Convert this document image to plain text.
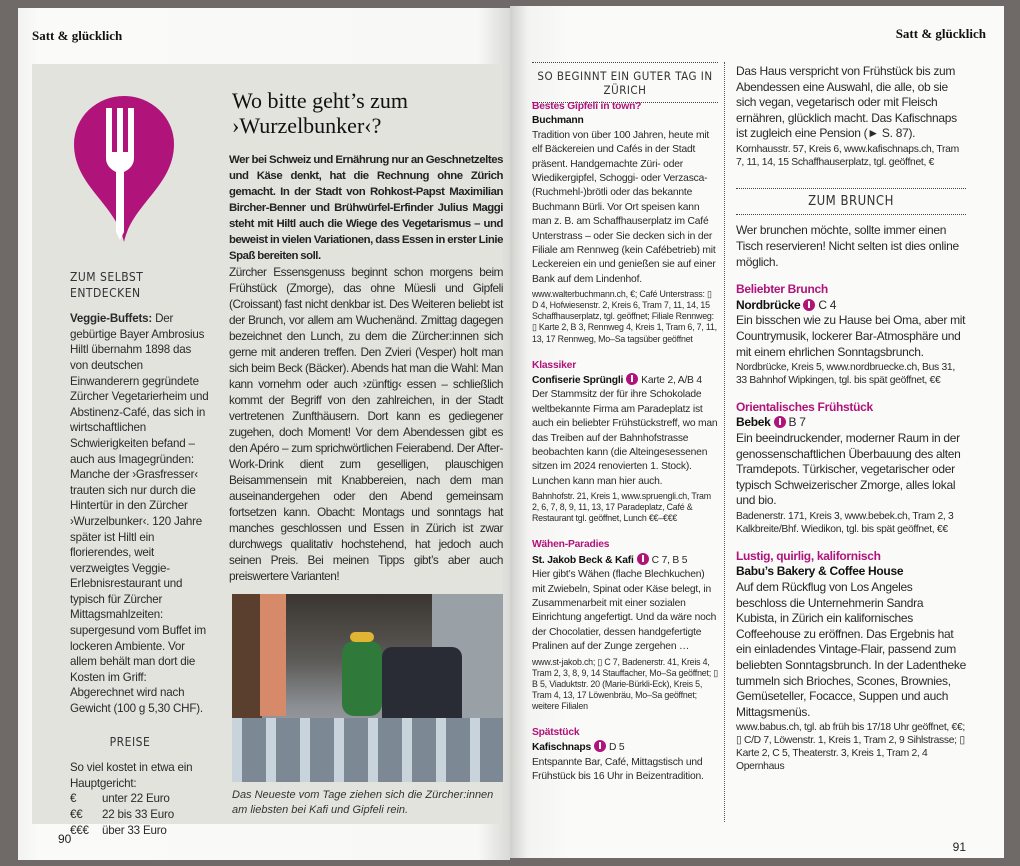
Satt & glücklich
Wo bitte geht’s zum
›Wurzelbunker‹?
Wer bei Schweiz und Ernährung nur an Geschnetzeltes und Käse denkt, hat die Rechnung ohne Zürich gemacht. In der Stadt von Rohkost-Papst Maximilian Bircher-Benner und Brühwürfel-Erfinder Julius Maggi steht mit Hiltl auch die Wiege des Vegetarismus – und beweist in vielen Variationen, dass Essen in erster Linie Spaß bereiten soll.
Zürcher Essensgenuss beginnt schon morgens beim Frühstück (Zmorge), das ohne Müesli und Gipfeli (Croissant) fast nicht denkbar ist. Des Weiteren beliebt ist der Brunch, vor allem am Wuchenänd. Zmittag dagegen bezeichnet den Lunch, zu dem die Zürcher:innen sich gerne mit anderen treffen. Den Zvieri (Vesper) holt man sich beim Beck (Bäcker). Abends hat man die Wahl: Man kann vornehm oder auch ›zünftig‹ essen – schließlich kommt der Begriff von den zahlreichen, in der Stadt vertretenen Zunfthäusern. Dort kann es gediegener zugehen, doch Moment! Vor dem Abendessen gibt es den Apéro – zum sprichwörtlichen Feierabend. Der After-Work-Drink dient zum geselligen, plauschigen Beisammensein mit Knabbereien, nach dem man auseinandergehen oder den Abend gemeinsam fortsetzen kann. Obacht: Montags und sonntags hat manches geschlossen und Essen in Zürich ist zwar durchwegs qualitativ hochstehend, hat jedoch auch seinen Preis. Bei meinen Tipps gibt’s aber auch preiswertere Varianten!
Das Neueste vom Tage ziehen sich die Zürcher:innen am liebsten bei Kafi und Gipfeli rein.
ZUM SELBST ENTDECKEN
Veggie-Buffets: Der gebürtige Bayer Ambrosius Hiltl übernahm 1898 das von deutschen Einwanderern gegründete Zürcher Vegetarierheim und Abstinenz-Café, das sich in wirtschaftlichen Schwierigkeiten befand – auch aus Imagegründen: Manche der ›Grasfresser‹ trauten sich nur durch die Hintertür in den Zürcher ›Wurzelbunker‹. 120 Jahre später ist Hiltl ein florierendes, weit verzweigtes Veggie-Erlebnisrestaurant und typisch für Zürcher Mittagsmahlzeiten: supergesund vom Buffet im lockeren Ambiente. Vor allem behält man dort die Kosten im Griff: Abgerechnet wird nach Gewicht (100 g 5,30 CHF).
PREISE
So viel kostet in etwa ein Hauptgericht:
€ unter 22 Euro
€€ 22 bis 33 Euro
€€€ über 33 Euro
90
Satt & glücklich
SO BEGINNT EIN GUTER TAG IN ZÜRICH
Bestes Gipfeli in town?
Buchmann
Tradition von über 100 Jahren, heute mit elf Bäckereien und Cafés in der Stadt präsent. Handgemachte Züri- oder Wiedikergipfel, Schoggi- oder Verzasca-(Ruchmehl-)brötli oder das bekannte Buchmann Bürli. Vor Ort speisen kann man z. B. am Schaffhauserplatz im Café Unterstrass – oder Sie decken sich in der Filiale am Rennweg (kein Cafébetrieb) mit Leckereien ein und genießen sie auf einer Bank auf dem Lindenhof.
www.walterbuchmann.ch, €; Café Unterstrass: ▯ D 4, Hofwiesenstr. 2, Kreis 6, Tram 7, 11, 14, 15 Schaffhauserplatz, tgl. geöffnet; Filiale Rennweg: ▯ Karte 2, B 3, Rennweg 4, Kreis 1, Tram 6, 7, 11, 13, 17 Rennweg, Mo–Sa tagsüber geöffnet
Klassiker
Confiserie Sprüngli Karte 2, A/B 4
Der Stammsitz der für ihre Schokolade weltbekannte Firma am Paradeplatz ist auch ein beliebter Frühstückstreff, wo man das Treiben auf der Bahnhofstrasse beobachten kann (die Alteingesessenen sitzen im 2024 renovierten 1. Stock). Lunchen kann man hier auch.
Bahnhofstr. 21, Kreis 1, www.spruengli.ch, Tram 2, 6, 7, 8, 9, 11, 13, 17 Paradeplatz, Café & Restaurant tgl. geöffnet, Lunch €€–€€€
Wähen-Paradies
St. Jakob Beck & Kafi C 7, B 5
Hier gibt’s Wähen (flache Blechkuchen) mit Zwiebeln, Spinat oder Käse belegt, in Zusammenarbeit mit einer sozialen Einrichtung angefertigt. Und da wäre noch der Chocolatier, dessen handgefertigte Pralinen auf der Zunge zergehen …
www.st-jakob.ch; ▯ C 7, Badenerstr. 41, Kreis 4, Tram 2, 3, 8, 9, 14 Stauffacher, Mo–Sa geöffnet; ▯ B 5, Viaduktstr. 20 (Marie-Bürkli-Eck), Kreis 5, Tram 4, 13, 17 Löwenbräu, Mo–Sa geöffnet; weitere Filialen
Spätstück
Kafischnaps D 5
Entspannte Bar, Café, Mittagstisch und Frühstück bis 16 Uhr in Beizentradition.
Das Haus verspricht von Frühstück bis zum Abendessen eine Auswahl, die alle, ob sie sich vegan, vegetarisch oder mit Fleisch ernähren, glücklich macht. Das Kafischnaps ist zugleich eine Pension (► S. 87).
Kornhausstr. 57, Kreis 6, www.kafischnaps.ch, Tram 7, 11, 14, 15 Schaffhauserplatz, tgl. geöffnet, €
ZUM BRUNCH
Wer brunchen möchte, sollte immer einen Tisch reservieren! Nicht selten ist dies online möglich.
Beliebter Brunch
Nordbrücke C 4
Ein bisschen wie zu Hause bei Oma, aber mit Countrymusik, lockerer Bar-Atmosphäre und mit einem ehrlichen Sonntagsbrunch.
Nordbrücke, Kreis 5, www.nordbruecke.ch, Bus 31, 33 Bahnhof Wipkingen, tgl. bis spät geöffnet, €€
Orientalisches Frühstück
Bebek B 7
Ein beeindruckender, moderner Raum in der genossenschaftlichen Überbauung des alten Tramdepots. Türkischer, vegetarischer oder typisch Schweizerischer Zmorge, alles lokal und bio.
Badenerstr. 171, Kreis 3, www.bebek.ch, Tram 2, 3 Kalkbreite/Bhf. Wiedikon, tgl. bis spät geöffnet, €€
Lustig, quirlig, kalifornisch
Babu’s Bakery & Coffee House
Auf dem Rückflug von Los Angeles beschloss die Unternehmerin Sandra Kubista, in Zürich ein kalifornisches Coffeehouse zu eröffnen. Das Ergebnis hat ein einladendes Vintage-Flair, passend zum beliebten Sonntagsbrunch. In der Ladentheke tummeln sich Brioches, Scones, Brownies, Gemüseteller, Focacce, Suppen und auch Mittagsmenüs.
www.babus.ch, tgl. ab früh bis 17/18 Uhr geöffnet, €€; ▯ C/D 7, Löwenstr. 1, Kreis 1, Tram 2, 9 Sihlstrasse; ▯ Karte 2, C 5, Theaterstr. 3, Kreis 1, Tram 2, 4 Opernhaus
91
